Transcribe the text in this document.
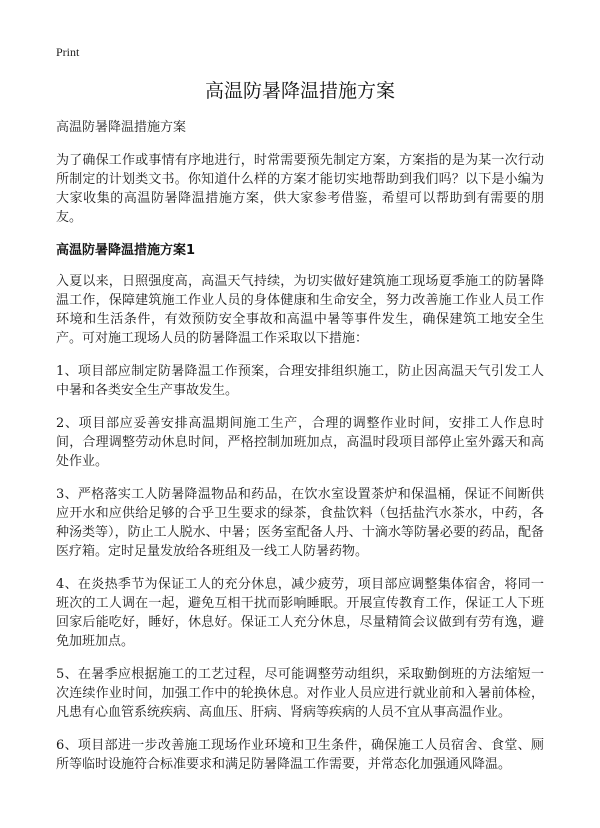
Print
高温防暑降温措施方案
高温防暑降温措施方案

为了确保工作或事情有序地进行，时常需要预先制定方案，方案指的是为某一次行动所制定的计划类文书。你知道什么样的方案才能切实地帮助到我们吗？以下是小编为大家收集的高温防暑降温措施方案，供大家参考借鉴，希望可以帮助到有需要的朋友。

高温防暑降温措施方案1

入夏以来，日照强度高，高温天气持续，为切实做好建筑施工现场夏季施工的防暑降温工作，保障建筑施工作业人员的身体健康和生命安全，努力改善施工作业人员工作环境和生活条件，有效预防安全事故和高温中暑等事件发生，确保建筑工地安全生产。可对施工现场人员的防暑降温工作采取以下措施：

1、项目部应制定防暑降温工作预案，合理安排组织施工，防止因高温天气引发工人中暑和各类安全生产事故发生。

2、项目部应妥善安排高温期间施工生产，合理的调整作业时间，安排工人作息时间，合理调整劳动休息时间，严格控制加班加点，高温时段项目部停止室外露天和高处作业。

3、严格落实工人防暑降温物品和药品，在饮水室设置茶炉和保温桶，保证不间断供应开水和应供给足够的合乎卫生要求的绿茶，食盐饮料（包括盐汽水茶水，中药，各种汤类等），防止工人脱水、中暑；医务室配备人丹、十滴水等防暑必要的药品，配备医疗箱。定时足量发放给各班组及一线工人防暑药物。

4、在炎热季节为保证工人的充分休息，减少疲劳，项目部应调整集体宿舍，将同一班次的工人调在一起，避免互相干扰而影响睡眠。开展宣传教育工作，保证工人下班回家后能吃好，睡好，休息好。保证工人充分休息，尽量精简会议做到有劳有逸，避免加班加点。

5、在暑季应根据施工的工艺过程，尽可能调整劳动组织，采取勤倒班的方法缩短一次连续作业时间，加强工作中的轮换休息。对作业人员应进行就业前和入暑前体检，凡患有心血管系统疾病、高血压、肝病、肾病等疾病的人员不宜从事高温作业。

6、项目部进一步改善施工现场作业环境和卫生条件，确保施工人员宿舍、食堂、厕所等临时设施符合标准要求和满足防暑降温工作需要，并常态化加强通风降温。
